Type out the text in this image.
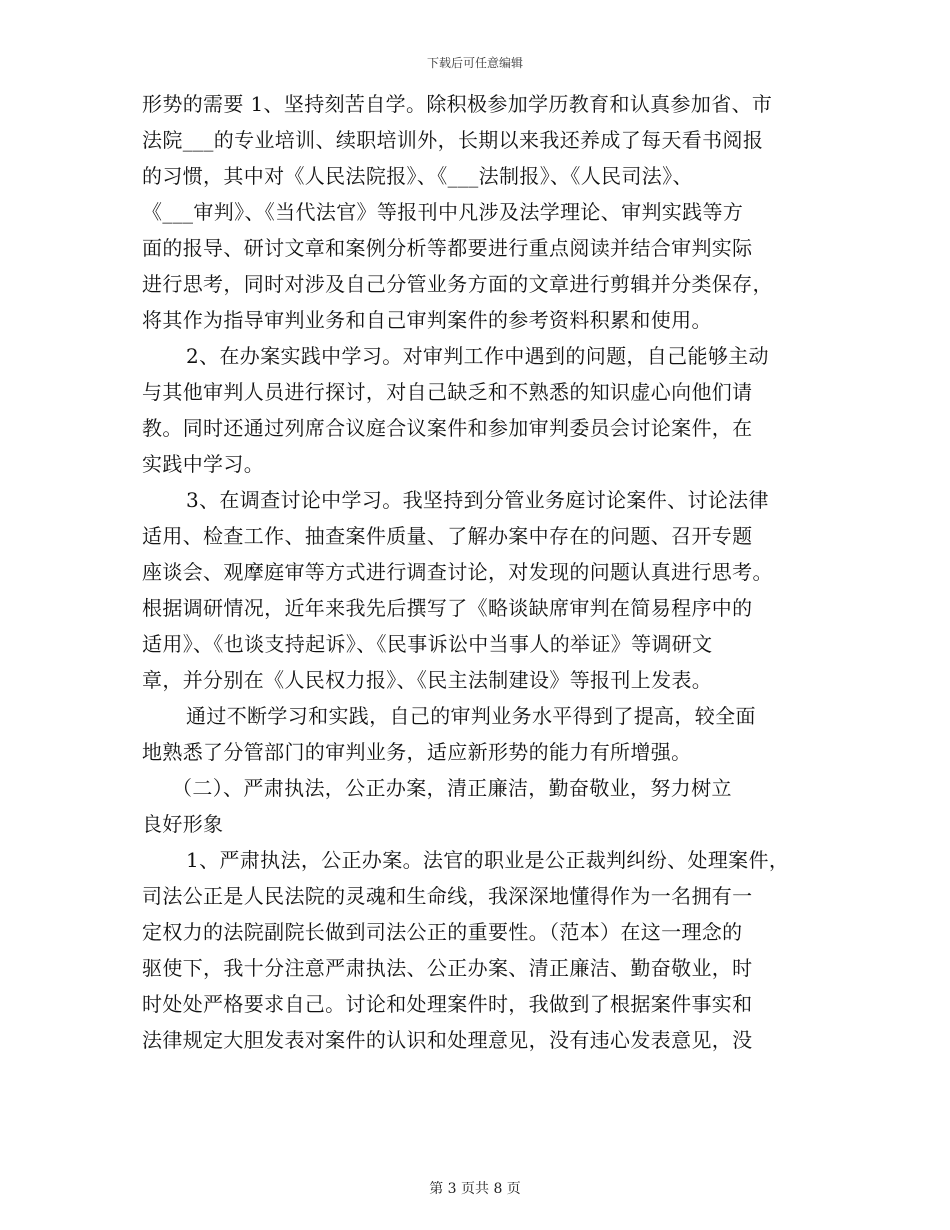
下载后可任意编辑
形势的需要 1、坚持刻苦自学。除积极参加学历教育和认真参加省、市
法院___的专业培训、续职培训外，长期以来我还养成了每天看书阅报
的习惯，其中对《人民法院报》、《___法制报》、《人民司法》、
《___审判》、《当代法官》等报刊中凡涉及法学理论、审判实践等方
面的报导、研讨文章和案例分析等都要进行重点阅读并结合审判实际
进行思考，同时对涉及自己分管业务方面的文章进行剪辑并分类保存，
将其作为指导审判业务和自己审判案件的参考资料积累和使用。
2、在办案实践中学习。对审判工作中遇到的问题，自己能够主动
与其他审判人员进行探讨，对自己缺乏和不熟悉的知识虚心向他们请
教。同时还通过列席合议庭合议案件和参加审判委员会讨论案件，在
实践中学习。
3、在调查讨论中学习。我坚持到分管业务庭讨论案件、讨论法律
适用、检查工作、抽查案件质量、了解办案中存在的问题、召开专题
座谈会、观摩庭审等方式进行调查讨论，对发现的问题认真进行思考。
根据调研情况，近年来我先后撰写了《略谈缺席审判在简易程序中的
适用》、《也谈支持起诉》、《民事诉讼中当事人的举证》等调研文
章，并分别在《人民权力报》、《民主法制建设》等报刊上发表。
通过不断学习和实践，自己的审判业务水平得到了提高，较全面
地熟悉了分管部门的审判业务，适应新形势的能力有所增强。
（二）、严肃执法，公正办案，清正廉洁，勤奋敬业，努力树立
良好形象
1、严肃执法，公正办案。法官的职业是公正裁判纠纷、处理案件，
司法公正是人民法院的灵魂和生命线，我深深地懂得作为一名拥有一
定权力的法院副院长做到司法公正的重要性。（范本）在这一理念的
驱使下，我十分注意严肃执法、公正办案、清正廉洁、勤奋敬业，时
时处处严格要求自己。讨论和处理案件时，我做到了根据案件事实和
法律规定大胆发表对案件的认识和处理意见，没有违心发表意见，没
第 3 页共 8 页
